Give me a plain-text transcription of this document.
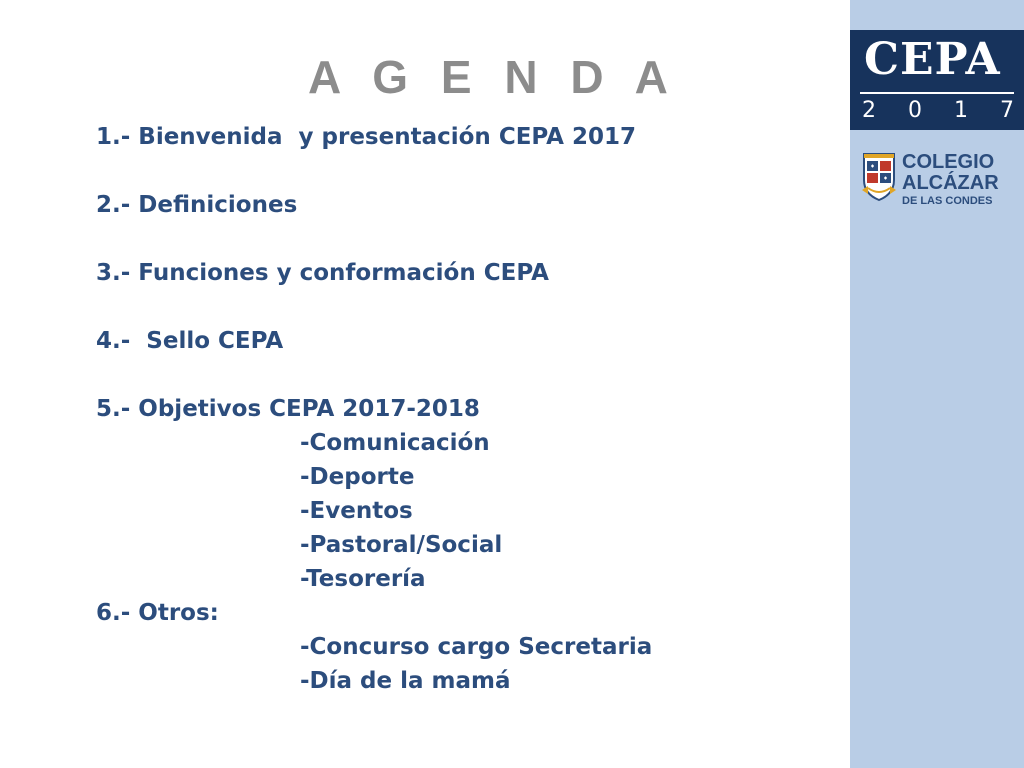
A G E N D A
1.- Bienvenida  y presentación CEPA 2017
2.- Definiciones
3.- Funciones y conformación CEPA
4.-  Sello CEPA
5.- Objetivos CEPA 2017-2018
-Comunicación
-Deporte
-Eventos
-Pastoral/Social
-Tesorería
6.- Otros:
-Concurso cargo Secretaria
-Día de la mamá
CEPA
2 0 1 7
COLEGIO
ALCÁZAR
DE LAS CONDES
